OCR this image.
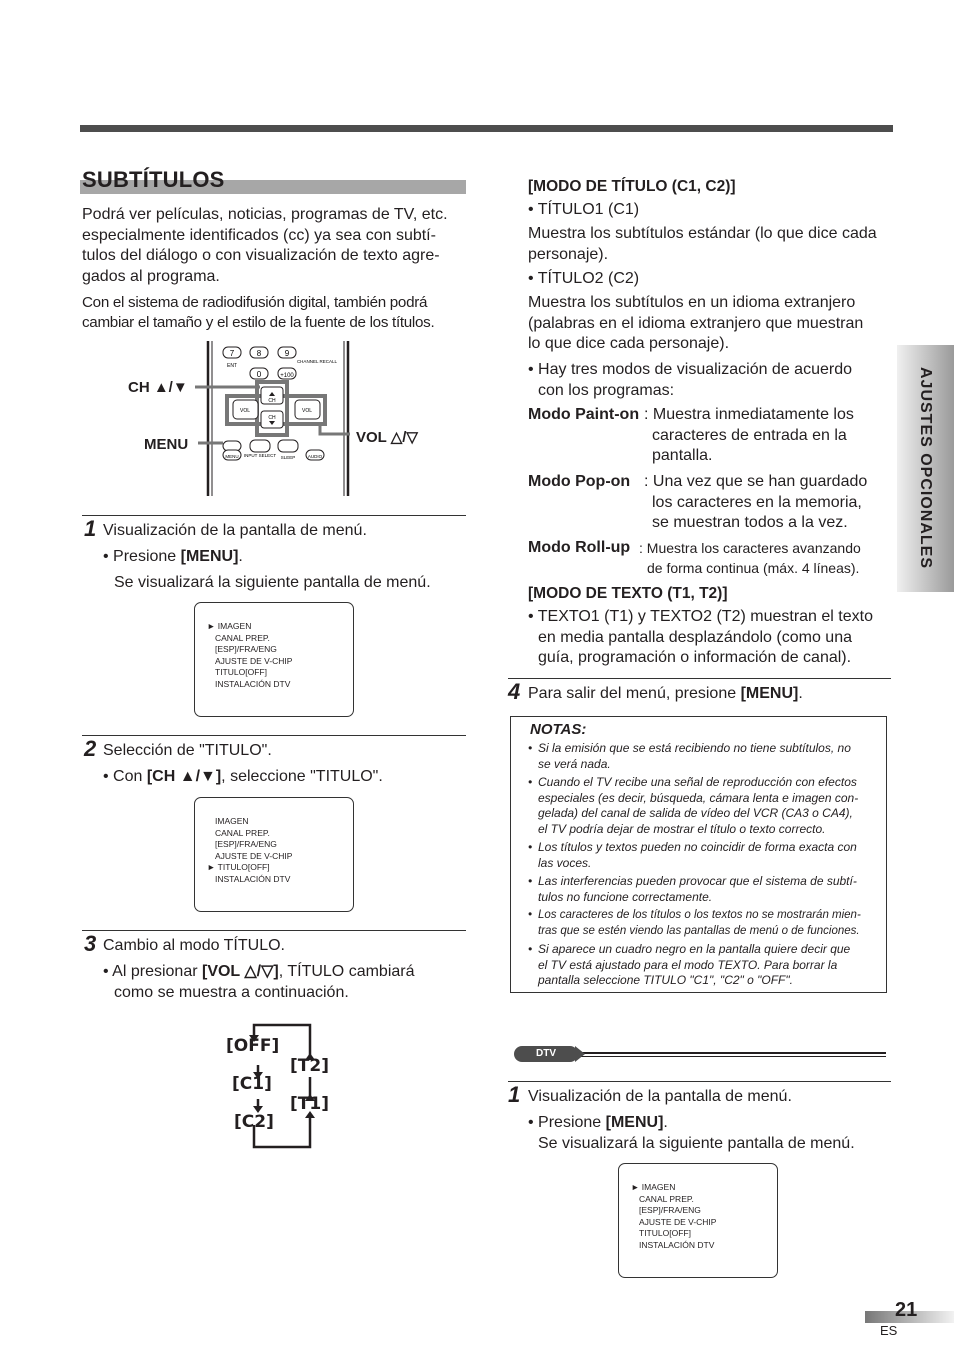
SUBTÍTULOS
AJUSTES OPCIONALES
Podrá ver películas, noticias, programas de TV, etc.
especialmente identificados (cc) ya sea con subtí-
tulos del diálogo o con visualización de texto agre-
gados al programa.
Con el sistema de radiodifusión digital, también podrá
cambiar el tamaño y el estilo de la fuente de los títulos.
7	8	9
0	+100
ENT
CHANNEL RECALL
CH
CH
VOL	VOL
MENU INPUT SELECT SLEEP	AUDIO
CH ▲/▼
MENU	VOL △/▽
1 Visualización de la pantalla de menú.
• Presione [MENU].
Se visualizará la siguiente pantalla de menú.
► IMAGEN
CANAL PREP.
[ESP]/FRA/ENG
AJUSTE DE V-CHIP
TITULO[OFF]
INSTALACIÓN DTV
2 Selección de "TITULO".
• Con [CH ▲/▼], seleccione "TITULO".
IMAGEN
CANAL PREP.
[ESP]/FRA/ENG
AJUSTE DE V-CHIP
► TITULO[OFF]
INSTALACIÓN DTV
3 Cambio al modo TÍTULO.
• Al presionar [VOL △/▽], TÍTULO cambiará
como se muestra a continuación.
[OFF]
[C1]
[C2]
[T2]
[T1]
[MODO DE TÍTULO (C1, C2)]
• TÍTULO1 (C1)
Muestra los subtítulos estándar (lo que dice cada
personaje).
• TÍTULO2 (C2)
Muestra los subtítulos en un idioma extranjero
(palabras en el idioma extranjero que muestran
lo que dice cada personaje).
• Hay tres modos de visualización de acuerdo
con los programas:
Modo Paint-on : Muestra inmediatamente los
caracteres de entrada en la
pantalla.
Modo Pop-on : Una vez que se han guardado
los caracteres en la memoria,
se muestran todos a la vez.
Modo Roll-up : Muestra los caracteres avanzando
de forma continua (máx. 4 líneas).
[MODO DE TEXTO (T1, T2)]
• TEXTO1 (T1) y TEXTO2 (T2) muestran el texto
en media pantalla desplazándolo (como una
guía, programación o información de canal).
4 Para salir del menú, presione [MENU].
NOTAS:
• Si la emisión que se está recibiendo no tiene subtítulos, no
se verá nada.
• Cuando el TV recibe una señal de reproducción con efectos
especiales (es decir, búsqueda, cámara lenta e imagen con-
gelada) del canal de salida de vídeo del VCR (CA3 o CA4),
el TV podría dejar de mostrar el título o texto correcto.
• Los títulos y textos pueden no coincidir de forma exacta con
las voces.
• Las interferencias pueden provocar que el sistema de subtí-
tulos no funcione correctamente.
• Los caracteres de los títulos o los textos no se mostrarán mien-
tras que se estén viendo las pantallas de menú o de funciones.
• Si aparece un cuadro negro en la pantalla quiere decir que
el TV está ajustado para el modo TEXTO. Para borrar la
pantalla seleccione TITULO "C1", "C2" o "OFF".
DTV
1 Visualización de la pantalla de menú.
• Presione [MENU].
Se visualizará la siguiente pantalla de menú.
► IMAGEN
CANAL PREP.
[ESP]/FRA/ENG
AJUSTE DE V-CHIP
TITULO[OFF]
INSTALACIÓN DTV
21
ES
